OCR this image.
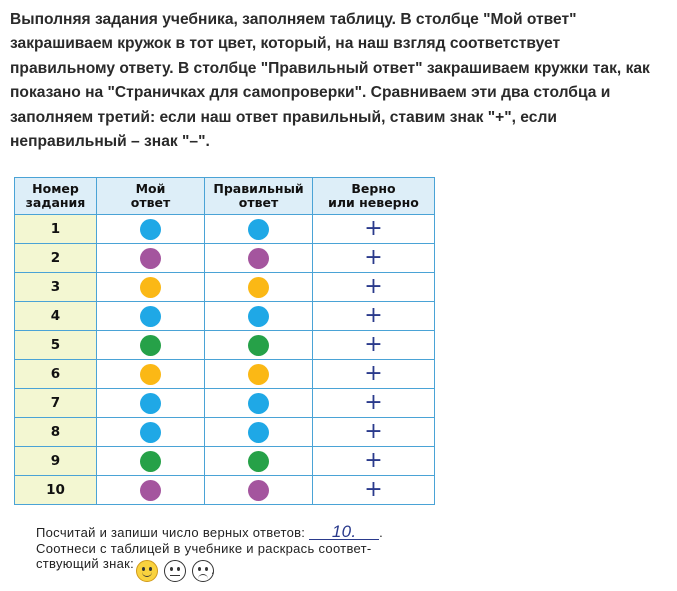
Выполняя задания учебника, заполняем таблицу. В столбце "Мой ответ"

закрашиваем кружок в тот цвет, который, на наш взгляд соответствует

правильному ответу. В столбце "Правильный ответ" закрашиваем кружки так, как

показано на "Страничках для самопроверки". Сравниваем эти два столбца и

заполняем третий: если наш ответ правильный, ставим знак "+", если

неправильный – знак "–".

Номер
задания	Мой
ответ	Правильный
ответ	Верно
или неверно
1			+
2			+
3			+
4			+
5			+
6			+
7			+
8			+
9			+
10			+
Посчитай и запиши число верных ответов: 10. .
Соотнеси с таблицей в учебнике и раскрась соответ-
ствующий знак:	.
